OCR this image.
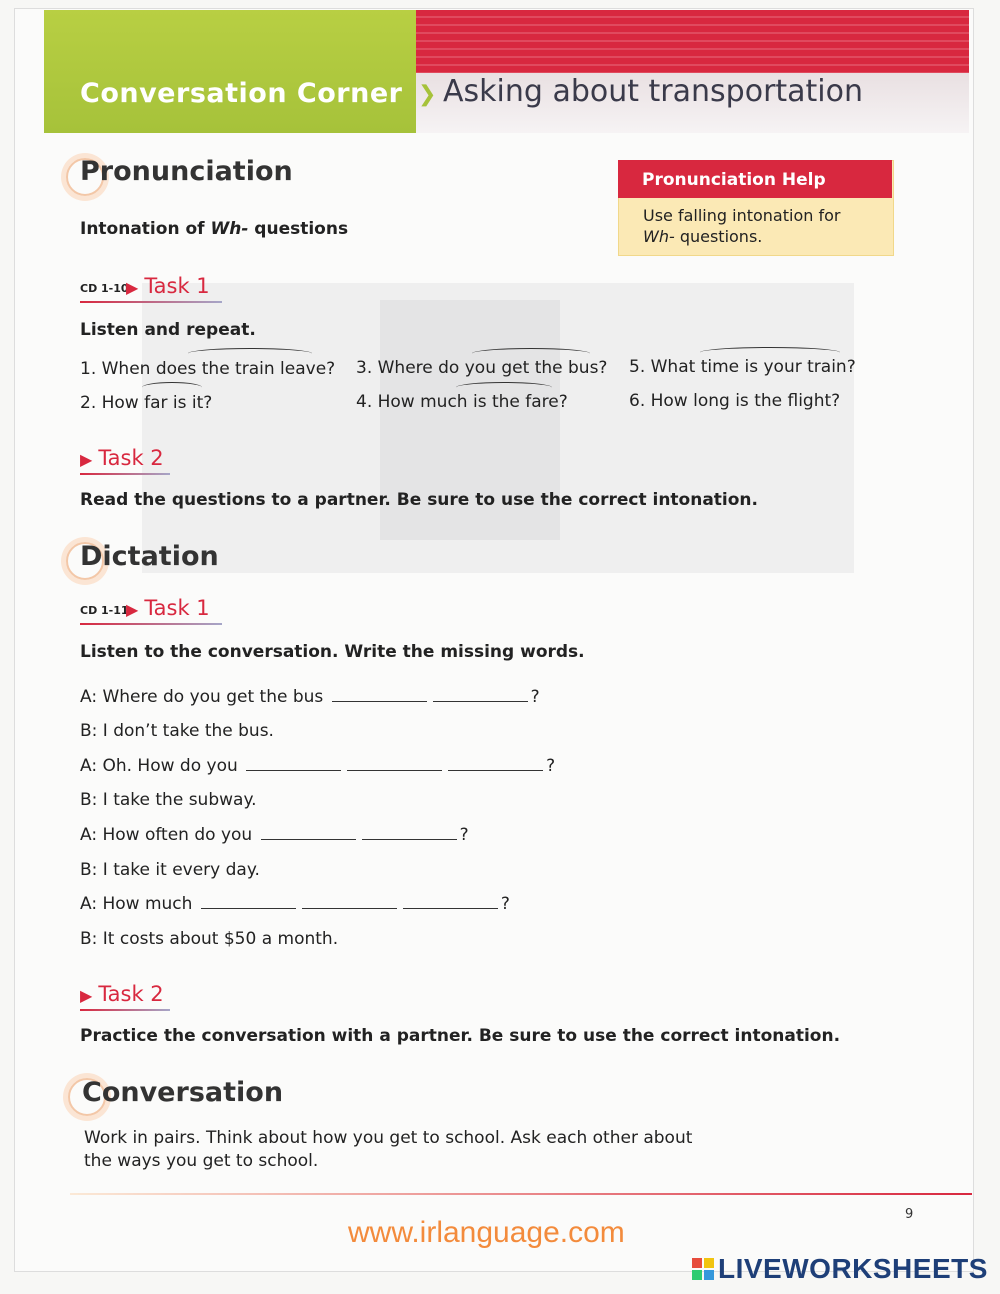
Conversation Corner ❯ Asking about transportation
Pronunciation
Intonation of Wh- questions
Pronunciation Help
Use falling intonation for
Wh- questions.
CD 1-10
▶ Task 1
Listen and repeat.
1. When does the train leave?
2. How far is it?
3. Where do you get the bus?
4. How much is the fare?
5. What time is your train?
6. How long is the flight?
▶ Task 2
Read the questions to a partner. Be sure to use the correct intonation.
Dictation
CD 1-11
▶ Task 1
Listen to the conversation. Write the missing words.
A: Where do you get the bus	?
B: I don’t take the bus.
A: Oh. How do you	?
B: I take the subway.
A: How often do you	?
B: I take it every day.
A: How much	?
B: It costs about $50 a month.
▶ Task 2
Practice the conversation with a partner. Be sure to use the correct intonation.
Conversation
Work in pairs. Think about how you get to school. Ask each other about
the ways you get to school.
9
www.irlanguage.com
LIVEWORKSHEETS
